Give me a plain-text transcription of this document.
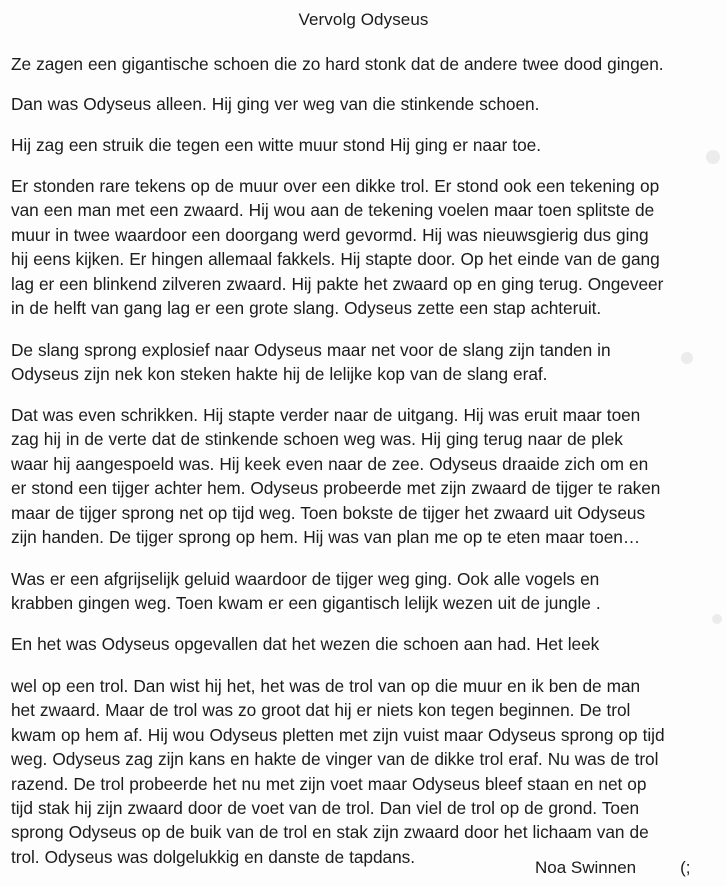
Vervolg Odyseus
Ze zagen een gigantische schoen die zo hard stonk dat de andere twee dood gingen.
Dan was Odyseus alleen. Hij ging ver weg van die stinkende schoen.
Hij zag een struik die tegen een witte muur stond Hij ging er naar toe.
Er stonden rare tekens op de muur over een dikke trol. Er stond ook een tekening op
van een man met een zwaard. Hij wou aan de tekening voelen maar toen splitste de
muur in twee waardoor een doorgang werd gevormd. Hij was nieuwsgierig dus ging
hij eens kijken. Er hingen allemaal fakkels. Hij stapte door. Op het einde van de gang
lag er een blinkend zilveren zwaard. Hij pakte het zwaard op en ging terug. Ongeveer
in de helft van gang lag er een grote slang. Odyseus zette een stap achteruit.
De slang sprong explosief naar Odyseus maar net voor de slang zijn tanden in
Odyseus zijn nek kon steken hakte hij de lelijke kop van de slang eraf.
Dat was even schrikken. Hij stapte verder naar de uitgang. Hij was eruit maar toen
zag hij in de verte dat de stinkende schoen weg was. Hij ging terug naar de plek
waar hij aangespoeld was. Hij keek even naar de zee. Odyseus draaide zich om en
er stond een tijger achter hem. Odyseus probeerde met zijn zwaard de tijger te raken
maar de tijger sprong net op tijd weg. Toen bokste de tijger het zwaard uit Odyseus
zijn handen. De tijger sprong op hem. Hij was van plan me op te eten maar toen…
Was er een afgrijselijk geluid waardoor de tijger weg ging. Ook alle vogels en
krabben gingen weg. Toen kwam er een gigantisch lelijk wezen uit de jungle .
En het was Odyseus opgevallen dat het wezen die schoen aan had. Het leek
wel op een trol. Dan wist hij het, het was de trol van op die muur en ik ben de man
het zwaard. Maar de trol was zo groot dat hij er niets kon tegen beginnen. De trol
kwam op hem af. Hij wou Odyseus pletten met zijn vuist maar Odyseus sprong op tijd
weg. Odyseus zag zijn kans en hakte de vinger van de dikke trol eraf. Nu was de trol
razend. De trol probeerde het nu met zijn voet maar Odyseus bleef staan en net op
tijd stak hij zijn zwaard door de voet van de trol. Dan viel de trol op de grond. Toen
sprong Odyseus op de buik van de trol en stak zijn zwaard door het lichaam van de
trol. Odyseus was dolgelukkig en danste de tapdans.
Noa Swinnen	(;
